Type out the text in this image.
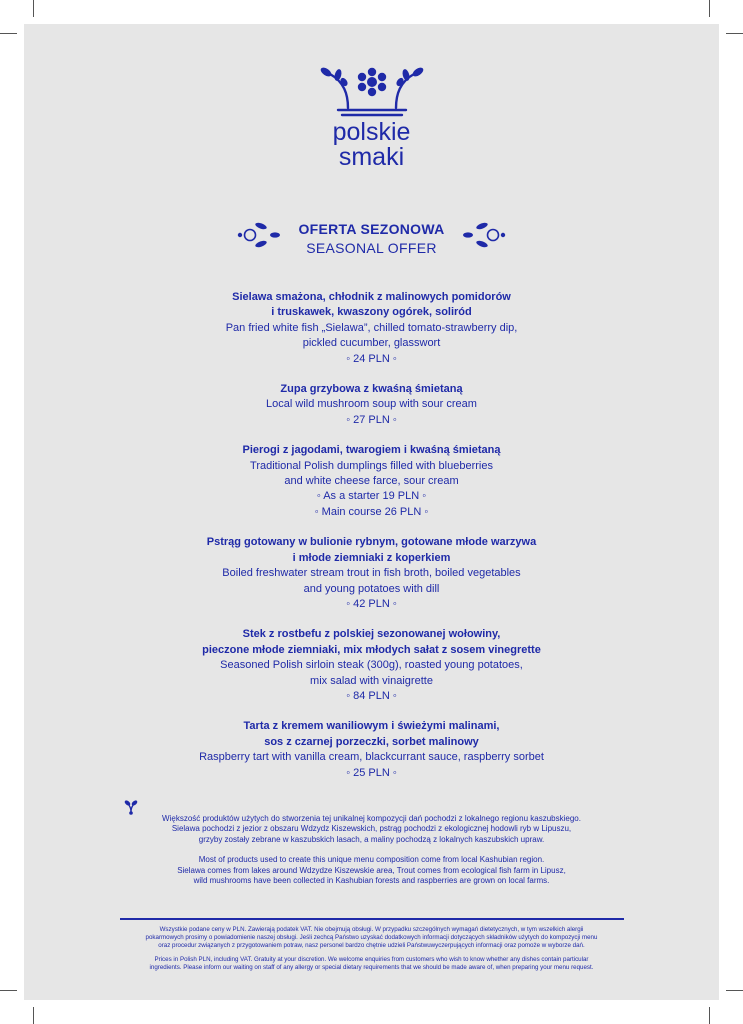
polskie
smaki
OFERTA SEZONOWA
SEASONAL OFFER
Sielawa smażona, chłodnik z malinowych pomidorów
i truskawek, kwaszony ogórek, soliród
Pan fried white fish „Sielawa”, chilled tomato-strawberry dip,
pickled cucumber, glasswort
◦ 24 PLN ◦
Zupa grzybowa z kwaśną śmietaną
Local wild mushroom soup with sour cream
◦ 27 PLN ◦
Pierogi z jagodami, twarogiem i kwaśną śmietaną
Traditional Polish dumplings filled with blueberries
and white cheese farce, sour cream
◦ As a starter 19 PLN ◦
◦ Main course 26 PLN ◦
Pstrąg gotowany w bulionie rybnym, gotowane młode warzywa
i młode ziemniaki z koperkiem
Boiled freshwater stream trout in fish broth, boiled vegetables
and young potatoes with dill
◦ 42 PLN ◦
Stek z rostbefu z polskiej sezonowanej wołowiny,
pieczone młode ziemniaki, mix młodych sałat z sosem vinegrette
Seasoned Polish sirloin steak (300g), roasted young potatoes,
mix salad with vinaigrette
◦ 84 PLN ◦
Tarta z kremem waniliowym i świeżymi malinami,
sos z czarnej porzeczki, sorbet malinowy
Raspberry tart with vanilla cream, blackcurrant sauce, raspberry sorbet
◦ 25 PLN ◦

Większość produktów użytych do stworzenia tej unikalnej kompozycji dań pochodzi z lokalnego regionu kaszubskiego.
Sielawa pochodzi z jezior z obszaru Wdzydz Kiszewskich, pstrąg pochodzi z ekologicznej hodowli ryb w Lipuszu,
grzyby zostały zebrane w kaszubskich lasach, a maliny pochodzą z lokalnych kaszubskich upraw.

Most of products used to create this unique menu composition come from local Kashubian region.
Sielawa comes from lakes around Wdzydze Kiszewskie area, Trout comes from ecological fish farm in Lipusz,
wild mushrooms have been collected in Kashubian forests and raspberries are grown on local farms.

Wszystkie podane ceny w PLN. Zawierają podatek VAT. Nie obejmują obsługi. W przypadku szczególnych wymagań dietetycznych, w tym wszelkich alergii
pokarmowych prosimy o powiadomienie naszej obsługi. Jeśli zechcą Państwo uzyskać dodatkowych informacji dotyczących składników użytych do kompozycji menu
oraz procedur związanych z przygotowaniem potraw, nasz personel bardzo chętnie udzieli Państwuwyczerpujących informacji oraz pomoże w wyborze dań.

Prices in Polish PLN, including VAT. Gratuity at your discretion. We welcome enquiries from customers who wish to know whether any dishes contain particular
ingredients. Please inform our waiting on staff of any allergy or special dietary requirements that we should be made aware of, when preparing your menu request.
